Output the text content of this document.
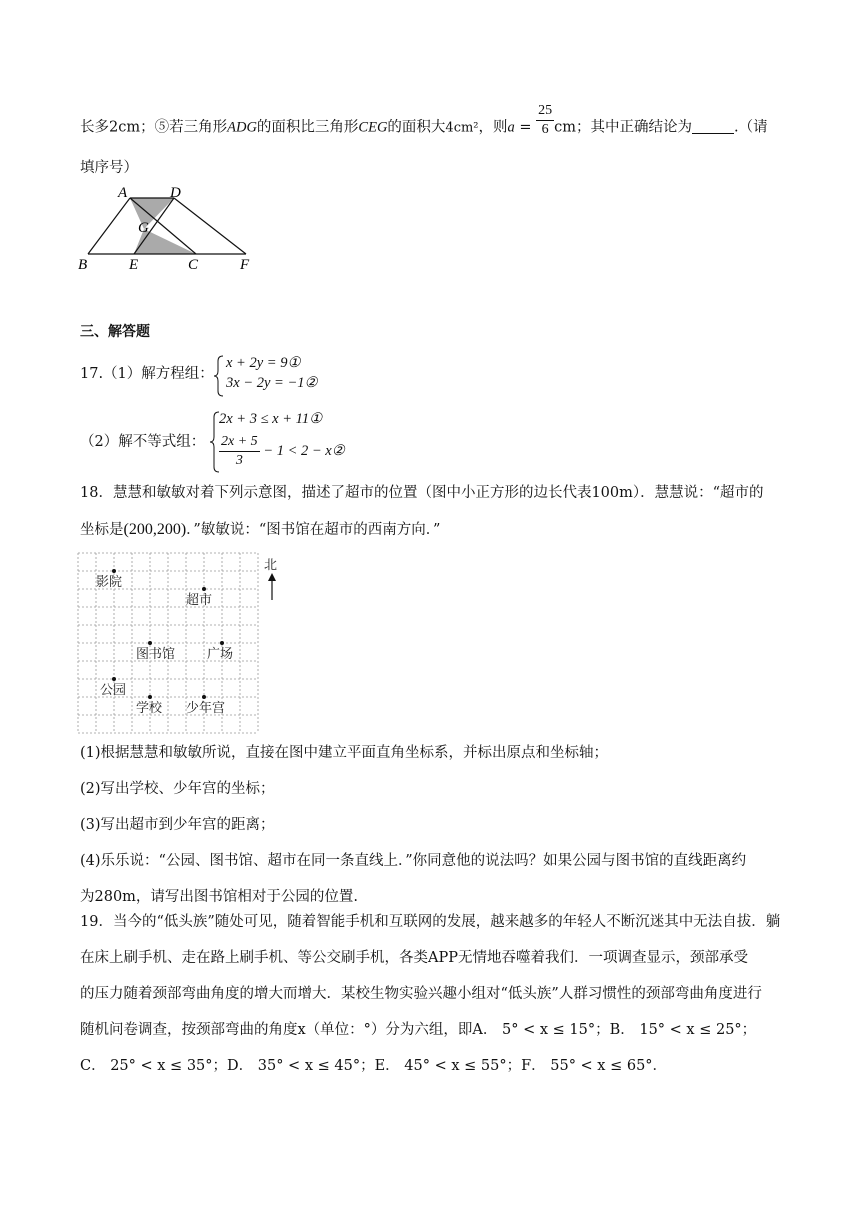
长多2cm；⑤若三角形ADG的面积比三角形CEG的面积大4cm²，则$a = \frac{25}{6}$ cm；其中正确结论为	.（请
填序号）
A	D
G
B	E	C	F
三、解答题
17.（1）解方程组：
x + 2y = 9①
3x − 2y = −1②
（2）解不等式组：
2x + 3 ≤ x + 11①
$\frac{2x + 5}{3} - 1 < 2$ − x②
18．慧慧和敏敏对着下列示意图，描述了超市的位置（图中小正方形的边长代表100m）．慧慧说：“超市的
坐标是(200,200)．”敏敏说：“图书馆在超市的西南方向．”
北
影院
超市
图书馆 广场
公园
学校 少年宫
(1)根据慧慧和敏敏所说，直接在图中建立平面直角坐标系，并标出原点和坐标轴；
(2)写出学校、少年宫的坐标；
(3)写出超市到少年宫的距离；
(4)乐乐说：“公园、图书馆、超市在同一条直线上．”你同意他的说法吗？如果公园与图书馆的直线距离约
为280m，请写出图书馆相对于公园的位置.
19．当今的“低头族”随处可见，随着智能手机和互联网的发展，越来越多的年轻人不断沉迷其中无法自拔．躺
在床上刷手机、走在路上刷手机、等公交刷手机，各类APP无情地吞噬着我们．一项调查显示，颈部承受
的压力随着颈部弯曲角度的增大而增大．某校生物实验兴趣小组对“低头族”人群习惯性的颈部弯曲角度进行
随机问卷调查，按颈部弯曲的角度x（单位：°）分为六组，即A． 5° < x ≤ 15°；B． 15° < x ≤ 25°；
C． 25° < x ≤ 35°；D． 35° < x ≤ 45°；E． 45° < x ≤ 55°；F． 55° < x ≤ 65°．
